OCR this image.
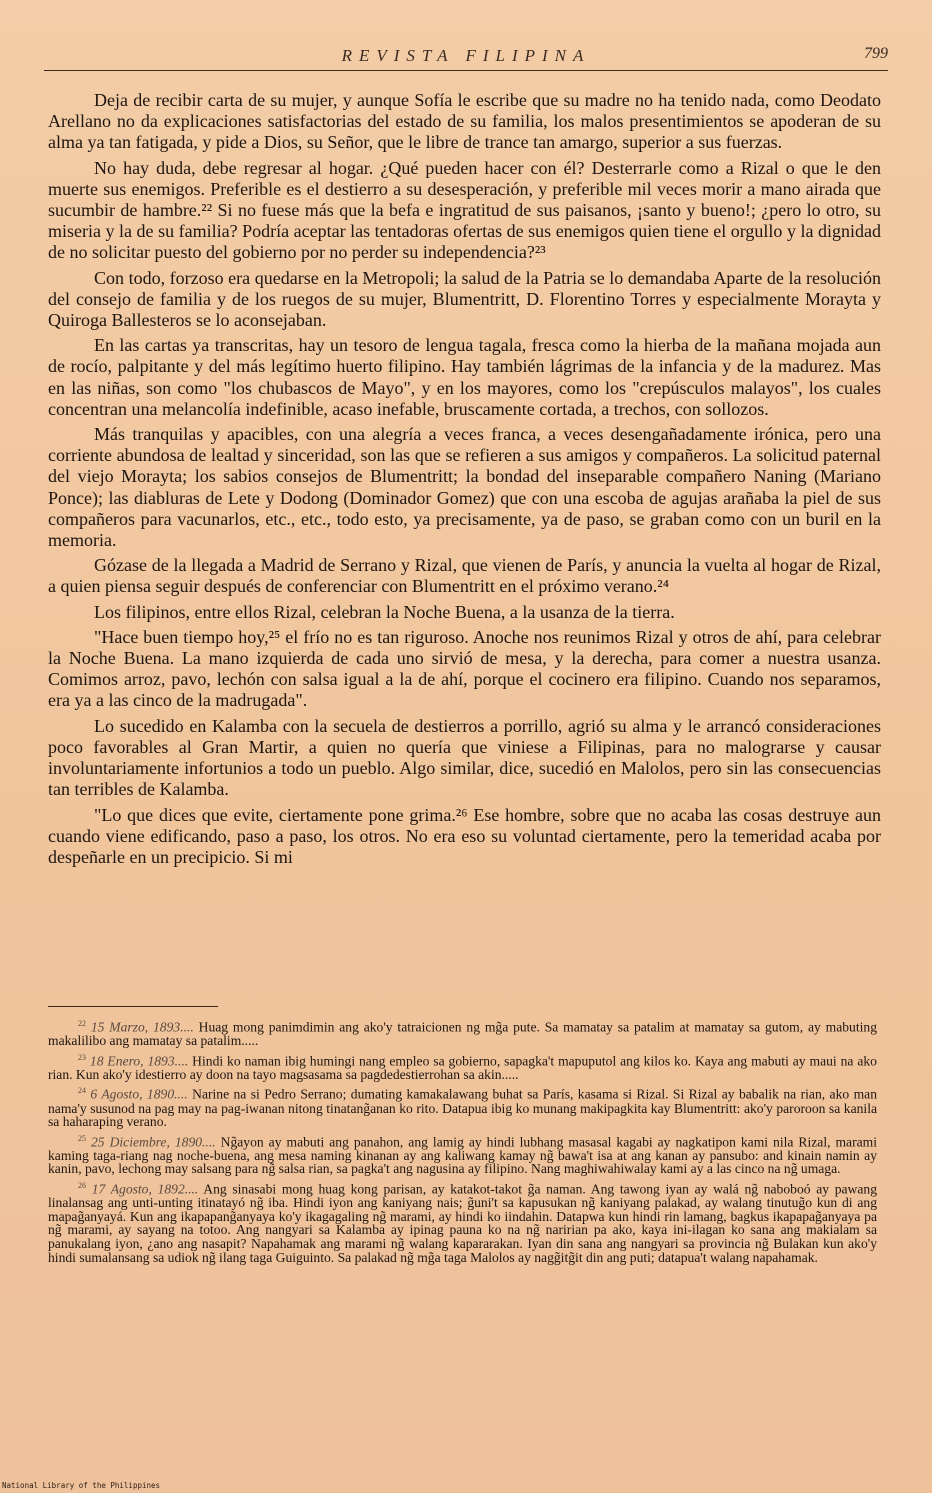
REVISTA FILIPINA	799

Deja de recibir carta de su mujer, y aunque Sofía le escribe que su madre no ha tenido nada, como Deodato Arellano no da explicaciones satisfactorias del estado de su familia, los malos presentimientos se apoderan de su alma ya tan fatigada, y pide a Dios, su Señor, que le libre de trance tan amargo, superior a sus fuerzas.

No hay duda, debe regresar al hogar. ¿Qué pueden hacer con él? Desterrarle como a Rizal o que le den muerte sus enemigos. Preferible es el destierro a su desesperación, y preferible mil veces morir a mano airada que sucumbir de hambre.²² Si no fuese más que la befa e ingratitud de sus paisanos, ¡santo y bueno!; ¿pero lo otro, su miseria y la de su familia? Podría aceptar las tentadoras ofertas de sus enemigos quien tiene el orgullo y la dignidad de no solicitar puesto del gobierno por no perder su independencia?²³

Con todo, forzoso era quedarse en la Metropoli; la salud de la Patria se lo demandaba Aparte de la resolución del consejo de familia y de los ruegos de su mujer, Blumentritt, D. Florentino Torres y especialmente Morayta y Quiroga Ballesteros se lo aconsejaban.

En las cartas ya transcritas, hay un tesoro de lengua tagala, fresca como la hierba de la mañana mojada aun de rocío, palpitante y del más legítimo huerto filipino. Hay también lágrimas de la infancia y de la madurez. Mas en las niñas, son como "los chubascos de Mayo", y en los mayores, como los "crepúsculos malayos", los cuales concentran una melancolía indefinible, acaso inefable, bruscamente cortada, a trechos, con sollozos.

Más tranquilas y apacibles, con una alegría a veces franca, a veces desengañadamente irónica, pero una corriente abundosa de lealtad y sinceridad, son las que se refieren a sus amigos y compañeros. La solicitud paternal del viejo Morayta; los sabios consejos de Blumentritt; la bondad del inseparable compañero Naning (Mariano Ponce); las diabluras de Lete y Dodong (Dominador Gomez) que con una escoba de agujas arañaba la piel de sus compañeros para vacunarlos, etc., etc., todo esto, ya precisamente, ya de paso, se graban como con un buril en la memoria.

Gózase de la llegada a Madrid de Serrano y Rizal, que vienen de París, y anuncia la vuelta al hogar de Rizal, a quien piensa seguir después de conferenciar con Blumentritt en el próximo verano.²⁴

Los filipinos, entre ellos Rizal, celebran la Noche Buena, a la usanza de la tierra.

"Hace buen tiempo hoy,²⁵ el frío no es tan riguroso. Anoche nos reunimos Rizal y otros de ahí, para celebrar la Noche Buena. La mano izquierda de cada uno sirvió de mesa, y la derecha, para comer a nuestra usanza. Comimos arroz, pavo, lechón con salsa igual a la de ahí, porque el cocinero era filipino. Cuando nos separamos, era ya a las cinco de la madrugada".

Lo sucedido en Kalamba con la secuela de destierros a porrillo, agrió su alma y le arrancó consideraciones poco favorables al Gran Martir, a quien no quería que viniese a Filipinas, para no malograrse y causar involuntariamente infortunios a todo un pueblo. Algo similar, dice, sucedió en Malolos, pero sin las consecuencias tan terribles de Kalamba.

"Lo que dices que evite, ciertamente pone grima.²⁶ Ese hombre, sobre que no acaba las cosas destruye aun cuando viene edificando, paso a paso, los otros. No era eso su voluntad ciertamente, pero la temeridad acaba por despeñarle en un precipicio. Si mi

$^{22}$ 15 Marzo, 1893.... Huag mong panimdimin ang ako'y tatraicionen ng mg̃a pute. Sa mamatay sa patalim at mamatay sa gutom, ay mabuting makalilibo ang mamatay sa patalim.....

$^{23}$ 18 Enero, 1893.... Hindi ko naman ibig humingi nang empleo sa gobierno, sapagka't mapuputol ang kilos ko. Kaya ang mabuti ay maui na ako rian. Kun ako'y idestierro ay doon na tayo magsasama sa pagdedestierrohan sa akin.....

$^{24}$ 6 Agosto, 1890.... Narine na si Pedro Serrano; dumating kamakalawang buhat sa París, kasama si Rizal. Si Rizal ay babalik na rian, ako man nama'y susunod na pag may na pag-iwanan nitong tinatang̃anan ko rito. Datapua ibig ko munang makipagkita kay Blumentritt: ako'y paroroon sa kanila sa haharaping verano.

$^{25}$ 25 Diciembre, 1890.... Ng̃ayon ay mabuti ang panahon, ang lamig ay hindi lubhang masasal kagabi ay nagkatipon kami nila Rizal, marami kaming taga-riang nag noche-buena, ang mesa naming kinanan ay ang kaliwang kamay ng̃ bawa't isa at ang kanan ay pansubo: and kinain namin ay kanin, pavo, lechong may salsang para ng̃ salsa rian, sa pagka't ang nagusina ay filipino. Nang maghiwahiwalay kami ay a las cinco na ng̃ umaga.

$^{26}$ 17 Agosto, 1892.... Ang sinasabi mong huag kong parisan, ay katakot-takot g̃a naman. Ang tawong iyan ay walá ng̃ naboboó ay pawang linalansag ang unti-unting itinatayó ng̃ iba. Hindi iyon ang kaniyang nais; g̃uni't sa kapusukan ng̃ kaniyang palakad, ay walang tinutug̃o kun di ang mapag̃anyayá. Kun ang ikapapang̃anyaya ko'y ikagagaling ng̃ marami, ay hindi ko iindahin. Datapwa kun hindi rin lamang, bagkus ikapapag̃anyaya pa ng̃ marami, ay sayang na totoo. Ang nangyari sa Kalamba ay ipinag pauna ko na ng̃ naririan pa ako, kaya ini-ilagan ko sana ang makialam sa panukalang iyon, ¿ano ang nasapit? Napahamak ang marami ng̃ walang kapararakan. Iyan din sana ang nangyari sa provincia ng̃ Bulakan kun ako'y hindi sumalansang sa udiok ng̃ ilang taga Guiguinto. Sa palakad ng̃ mg̃a taga Malolos ay nagg̃itg̃it din ang puti; datapua't walang napahamak.

National Library of the Philippines
